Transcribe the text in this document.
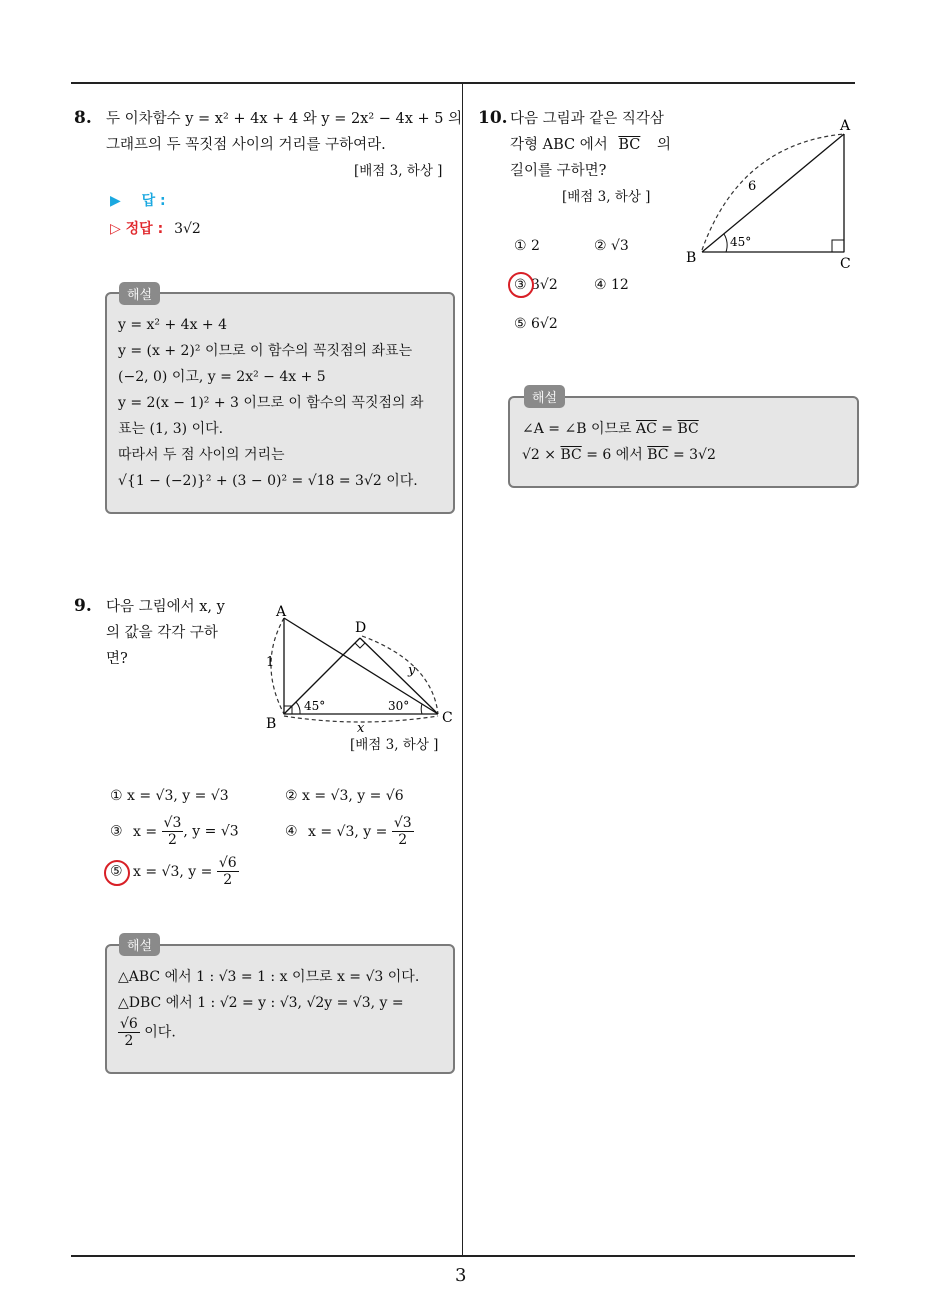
3
8. 두 이차함수 y = x² + 4x + 4 와 y = 2x² − 4x + 5 의
그래프의 두 꼭짓점 사이의 거리를 구하여라.
[배점 3, 하상 ]
▶ 답 :
▷ 정답 : 3√2
해설
y = x² + 4x + 4
y = (x + 2)² 이므로 이 함수의 꼭짓점의 좌표는
(−2, 0) 이고, y = 2x² − 4x + 5
y = 2(x − 1)² + 3 이므로 이 함수의 꼭짓점의 좌
표는 (1, 3) 이다.
따라서 두 점 사이의 거리는
√{1 − (−2)}² + (3 − 0)² = √18 = 3√2 이다.
9. 다음 그림에서 x, y
의 값을 각각 구하
면?
A
D
B	C
1
x
y
45°	30°
[배점 3, 하상 ]
① x = √3, y = √3	② x = √3, y = √6
③ $x = \frac{√3}{2}$ , y = √3	④ x = √3, $y = \frac{√3}{2}$
⑤ x = √3, $y = \frac{√6}{2}$
해설
△ABC 에서 1 : √3 = 1 : x 이므로 x = √3 이다.
△DBC 에서 1 : √2 = y : √3, √2y = √3, y =
$\frac{√6}{2}$ 이다.
10. 다음 그림과 같은 직각삼
각형 ABC 에서 $\overline{BC}$ 의
길이를 구하면?
[배점 3, 하상 ]
A
B	C
6
45°
① 2	② √3
③ 3√2	④ 12
⑤ 6√2
해설
∠A = ∠B 이므로 $\overline{AC} = \overline{BC}$
$√2 \times \overline{BC} = 6$ 에서 $\overline{BC} = 3√2$
